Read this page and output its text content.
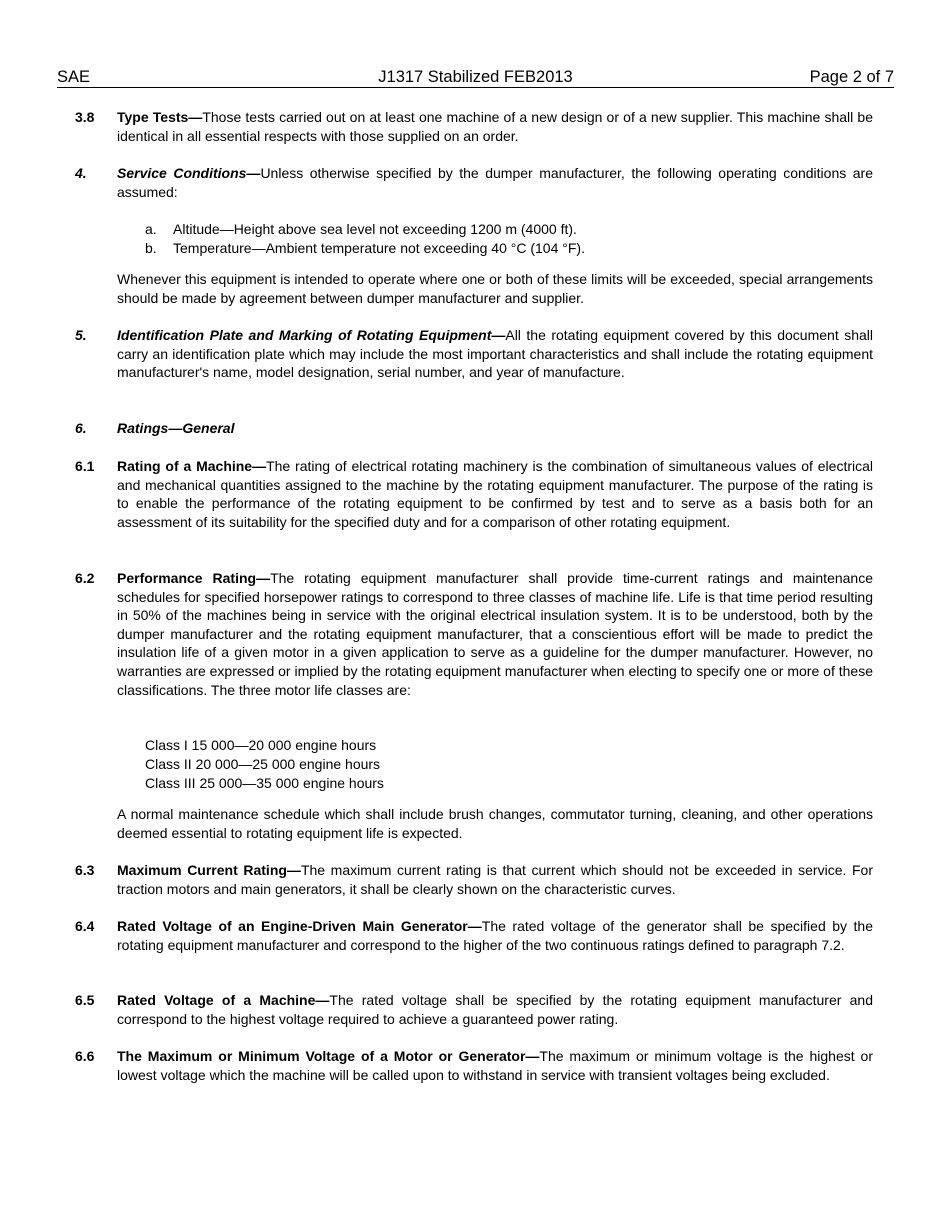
SAE	J1317 Stabilized FEB2013	Page 2 of 7
3.8 Type Tests—Those tests carried out on at least one machine of a new design or of a new supplier. This machine shall be identical in all essential respects with those supplied on an order.
4. Service Conditions—Unless otherwise specified by the dumper manufacturer, the following operating conditions are assumed:
a. Altitude—Height above sea level not exceeding 1200 m (4000 ft).
b. Temperature—Ambient temperature not exceeding 40 °C (104 °F).
Whenever this equipment is intended to operate where one or both of these limits will be exceeded, special arrangements should be made by agreement between dumper manufacturer and supplier.
5. Identification Plate and Marking of Rotating Equipment—All the rotating equipment covered by this document shall carry an identification plate which may include the most important characteristics and shall include the rotating equipment manufacturer's name, model designation, serial number, and year of manufacture.
6. Ratings—General
6.1 Rating of a Machine—The rating of electrical rotating machinery is the combination of simultaneous values of electrical and mechanical quantities assigned to the machine by the rotating equipment manufacturer. The purpose of the rating is to enable the performance of the rotating equipment to be confirmed by test and to serve as a basis both for an assessment of its suitability for the specified duty and for a comparison of other rotating equipment.
6.2 Performance Rating—The rotating equipment manufacturer shall provide time-current ratings and maintenance schedules for specified horsepower ratings to correspond to three classes of machine life. Life is that time period resulting in 50% of the machines being in service with the original electrical insulation system. It is to be understood, both by the dumper manufacturer and the rotating equipment manufacturer, that a conscientious effort will be made to predict the insulation life of a given motor in a given application to serve as a guideline for the dumper manufacturer. However, no warranties are expressed or implied by the rotating equipment manufacturer when electing to specify one or more of these classifications. The three motor life classes are:
Class I 15 000—20 000 engine hours
Class II 20 000—25 000 engine hours
Class III 25 000—35 000 engine hours
A normal maintenance schedule which shall include brush changes, commutator turning, cleaning, and other operations deemed essential to rotating equipment life is expected.
6.3 Maximum Current Rating—The maximum current rating is that current which should not be exceeded in service. For traction motors and main generators, it shall be clearly shown on the characteristic curves.
6.4 Rated Voltage of an Engine-Driven Main Generator—The rated voltage of the generator shall be specified by the rotating equipment manufacturer and correspond to the higher of the two continuous ratings defined to paragraph 7.2.
6.5 Rated Voltage of a Machine—The rated voltage shall be specified by the rotating equipment manufacturer and correspond to the highest voltage required to achieve a guaranteed power rating.
6.6 The Maximum or Minimum Voltage of a Motor or Generator—The maximum or minimum voltage is the highest or lowest voltage which the machine will be called upon to withstand in service with transient voltages being excluded.
